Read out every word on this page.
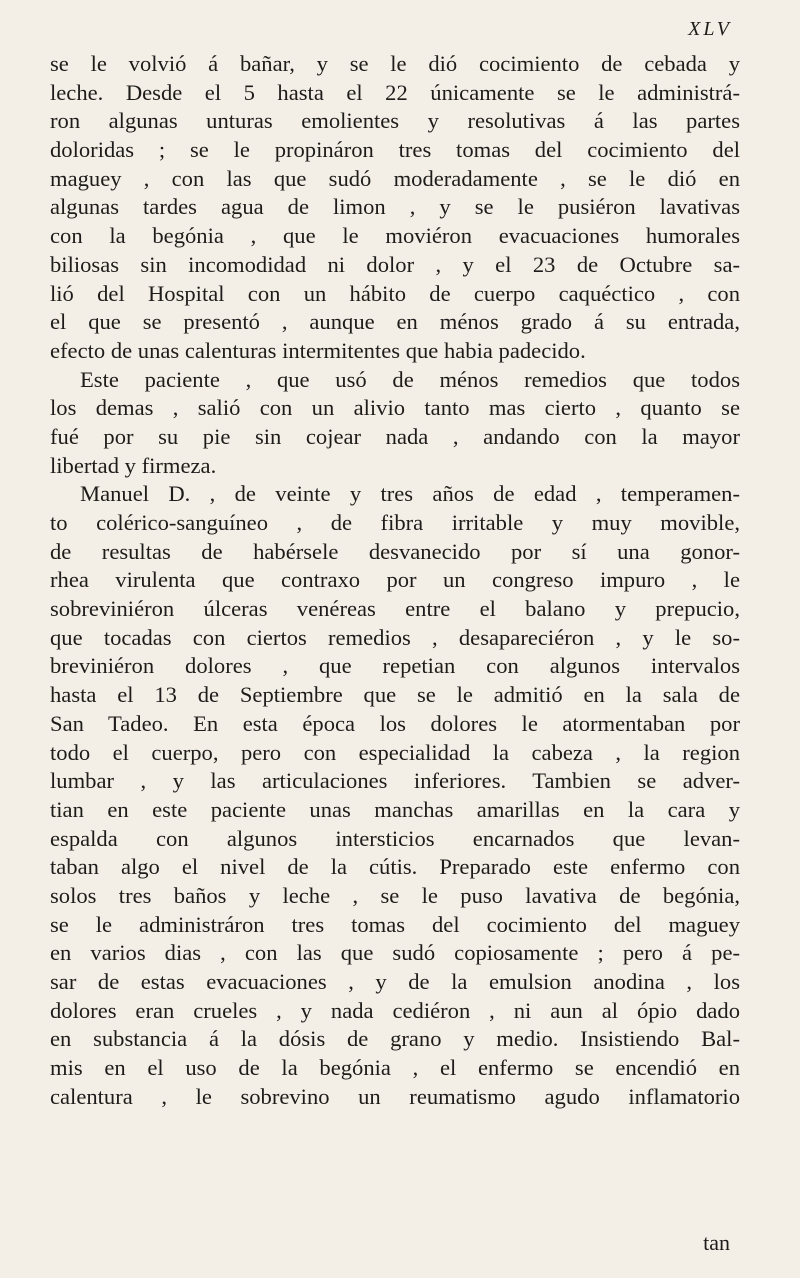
XLV
se le volvió á bañar, y se le dió cocimiento de cebada y
leche. Desde el 5 hasta el 22 únicamente se le administrá-
ron algunas unturas emolientes y resolutivas á las partes
doloridas ; se le propináron tres tomas del cocimiento del
maguey , con las que sudó moderadamente , se le dió en
algunas tardes agua de limon , y se le pusiéron lavativas
con la begónia , que le moviéron evacuaciones humorales
biliosas sin incomodidad ni dolor , y el 23 de Octubre sa-
lió del Hospital con un hábito de cuerpo caquéctico , con
el que se presentó , aunque en ménos grado á su entrada,
efecto de unas calenturas intermitentes que habia padecido.
Este paciente , que usó de ménos remedios que todos
los demas , salió con un alivio tanto mas cierto , quanto se
fué por su pie sin cojear nada , andando con la mayor
libertad y firmeza.
Manuel D. , de veinte y tres años de edad , temperamen-
to colérico-sanguíneo , de fibra irritable y muy movible,
de resultas de habérsele desvanecido por sí una gonor-
rhea virulenta que contraxo por un congreso impuro , le
sobreviniéron úlceras venéreas entre el balano y prepucio,
que tocadas con ciertos remedios , desapareciéron , y le so-
breviniéron dolores , que repetian con algunos intervalos
hasta el 13 de Septiembre que se le admitió en la sala de
San Tadeo. En esta época los dolores le atormentaban por
todo el cuerpo, pero con especialidad la cabeza , la region
lumbar , y las articulaciones inferiores. Tambien se adver-
tian en este paciente unas manchas amarillas en la cara y
espalda con algunos intersticios encarnados que levan-
taban algo el nivel de la cútis. Preparado este enfermo con
solos tres baños y leche , se le puso lavativa de begónia,
se le administráron tres tomas del cocimiento del maguey
en varios dias , con las que sudó copiosamente ; pero á pe-
sar de estas evacuaciones , y de la emulsion anodina , los
dolores eran crueles , y nada cediéron , ni aun al ópio dado
en substancia á la dósis de grano y medio. Insistiendo Bal-
mis en el uso de la begónia , el enfermo se encendió en
calentura , le sobrevino un reumatismo agudo inflamatorio
tan
